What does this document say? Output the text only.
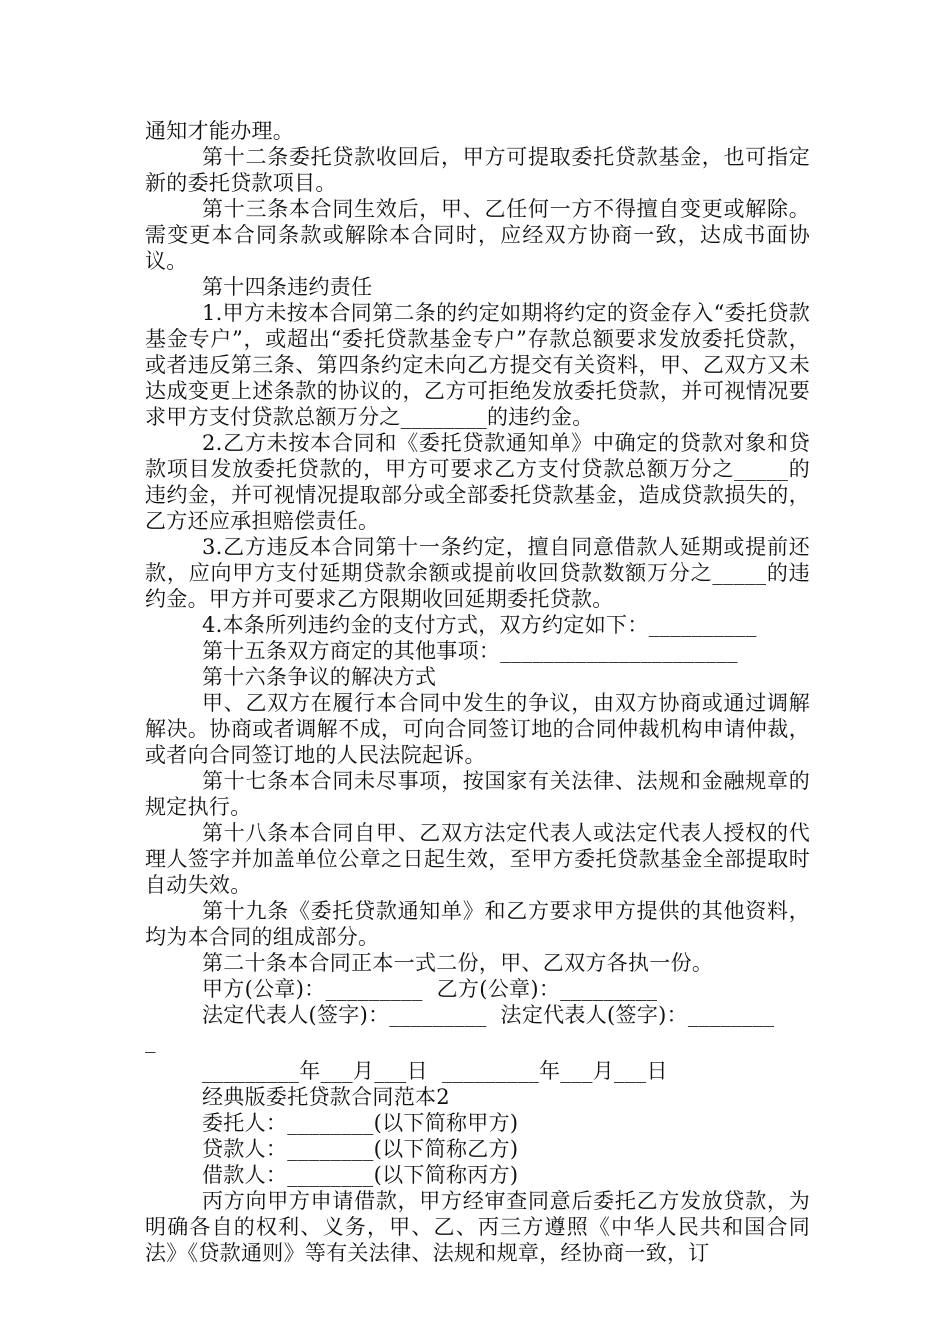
通知才能办理。

第十二条委托贷款收回后，甲方可提取委托贷款基金，也可指定新的委托贷款项目。

第十三条本合同生效后，甲、乙任何一方不得擅自变更或解除。需变更本合同条款或解除本合同时，应经双方协商一致，达成书面协议。

第十四条违约责任

1.甲方未按本合同第二条的约定如期将约定的资金存入“委托贷款基金专户”，或超出“委托贷款基金专户”存款总额要求发放委托贷款，或者违反第三条、第四条约定未向乙方提交有关资料，甲、乙双方又未达成变更上述条款的协议的，乙方可拒绝发放委托贷款，并可视情况要求甲方支付贷款总额万分之________的违约金。

2.乙方未按本合同和《委托贷款通知单》中确定的贷款对象和贷款项目发放委托贷款的，甲方可要求乙方支付贷款总额万分之_____的违约金，并可视情况提取部分或全部委托贷款基金，造成贷款损失的，乙方还应承担赔偿责任。

3.乙方违反本合同第十一条约定，擅自同意借款人延期或提前还款，应向甲方支付延期贷款余额或提前收回贷款数额万分之_____的违约金。甲方并可要求乙方限期收回延期委托贷款。

4.本条所列违约金的支付方式，双方约定如下：__________

第十五条双方商定的其他事项：______________________

第十六条争议的解决方式

甲、乙双方在履行本合同中发生的争议，由双方协商或通过调解解决。协商或者调解不成，可向合同签订地的合同仲裁机构申请仲裁，或者向合同签订地的人民法院起诉。

第十七条本合同未尽事项，按国家有关法律、法规和金融规章的规定执行。

第十八条本合同自甲、乙双方法定代表人或法定代表人授权的代理人签字并加盖单位公章之日起生效，至甲方委托贷款基金全部提取时自动失效。

第十九条《委托贷款通知单》和乙方要求甲方提供的其他资料，均为本合同的组成部分。

第二十条本合同正本一式二份，甲、乙双方各执一份。

甲方(公章)：_________  乙方(公章)：_________

法定代表人(签字)：_________  法定代表人(签字)：________

_

_________年___月___日  _________年___月___日

经典版委托贷款合同范本2

委托人：________(以下简称甲方)

贷款人：________(以下简称乙方)

借款人：________(以下简称丙方)

丙方向甲方申请借款，甲方经审查同意后委托乙方发放贷款，为明确各自的权利、义务，甲、乙、丙三方遵照《中华人民共和国合同法》《贷款通则》等有关法律、法规和规章，经协商一致，订
